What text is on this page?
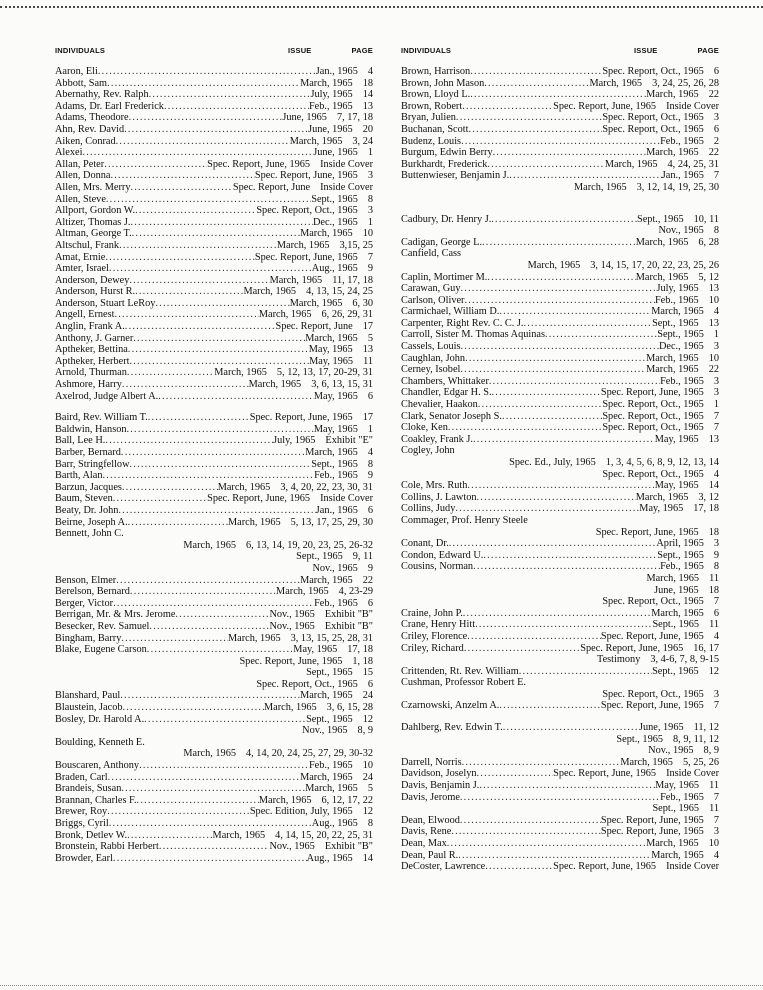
INDIVIDUALS	ISSUE	PAGE
Aaron, Eli .....	Jan., 1965 4
Abbott, Sam .....	March, 1965 18
Abernathy, Rev. Ralph .....	July, 1965 14
Adams, Dr. Earl Frederick .....	Feb., 1965 13
Adams, Theodore .....	June, 1965 7, 17, 18
Ahn, Rev. David .....	June, 1965 20
Aiken, Conrad .....	March, 1965 3, 24
Alexei .....	June, 1965 1
Allan, Peter .....	Spec. Report, June, 1965 Inside Cover
Allen, Donna .....	Spec. Report, June, 1965 3
Allen, Mrs. Merry .....	Spec. Report, June Inside Cover
Allen, Steve .....	Sept., 1965 8
Allport, Gordon W. .....	Spec. Report, Oct., 1965 3
Altizer, Thomas J. .....	Dec., 1965 1
Altman, George T. .....	March, 1965 10
Altschul, Frank .....	March, 1965 3,15, 25
Amat, Ernie .....	Spec. Report, June, 1965 7
Amter, Israel .....	Aug., 1965 9
Anderson, Dewey .....	March, 1965 11, 17, 18
Anderson, Hurst R. .....	March, 1965 4, 13, 15, 24, 25
Anderson, Stuart LeRoy .....	March, 1965 6, 30
Angell, Ernest .....	March, 1965 6, 26, 29, 31
Anglin, Frank A. .....	Spec. Report, June 17
Anthony, J. Garner .....	March, 1965 5
Aptheker, Bettina .....	May, 1965 13
Aptheker, Herbert .....	May, 1965 11
Arnold, Thurman .....	March, 1965 5, 12, 13, 17, 20-29, 31
Ashmore, Harry .....	March, 1965 3, 6, 13, 15, 31
Axelrod, Judge Albert A. .....	May, 1965 6
Baird, Rev. William T. .....	Spec. Report, June, 1965 17
Baldwin, Hanson .....	May, 1965 1
Ball, Lee H. .....	July, 1965 Exhibit "E"
Barber, Bernard .....	March, 1965 4
Barr, Stringfellow .....	Sept., 1965 8
Barth, Alan .....	Feb., 1965 9
Barzun, Jacques .....	March, 1965 3, 4, 20, 22, 23, 30, 31
Baum, Steven .....	Spec. Report, June, 1965 Inside Cover
Beaty, Dr. John .....	Jan., 1965 6
Beirne, Joseph A. .....	March, 1965 5, 13, 17, 25, 29, 30
Bennett, John C.
March, 1965 6, 13, 14, 19, 20, 23, 25, 26-32
Sept., 1965 9, 11
Nov., 1965 9
Benson, Elmer .....	March, 1965 22
Berelson, Bernard .....	March, 1965 4, 23-29
Berger, Victor .....	Feb., 1965 6
Berrigan, Mr. & Mrs. Jerome .....	Nov., 1965 Exhibit "B"
Besecker, Rev. Samuel .....	Nov., 1965 Exhibit "B"
Bingham, Barry .....	March, 1965 3, 13, 15, 25, 28, 31
Blake, Eugene Carson .....	May, 1965 17, 18
Spec. Report, June, 1965 1, 18
Sept., 1965 15
Spec. Report, Oct., 1965 6
Blanshard, Paul .....	March, 1965 24
Blaustein, Jacob .....	March, 1965 3, 6, 15, 28
Bosley, Dr. Harold A. .....	Sept., 1965 12
Nov., 1965 8, 9
Boulding, Kenneth E.
March, 1965 4, 14, 20, 24, 25, 27, 29, 30-32
Bouscaren, Anthony .....	Feb., 1965 10
Braden, Carl .....	March, 1965 24
Brandeis, Susan .....	March, 1965 5
Brannan, Charles F. .....	March, 1965 6, 12, 17, 22
Brewer, Roy .....	Spec. Edition, July, 1965 12
Briggs, Cyril .....	Aug., 1965 8
Bronk, Detlev W. .....	March, 1965 4, 14, 15, 20, 22, 25, 31
Bronstein, Rabbi Herbert .....	Nov., 1965 Exhibit "B"
Browder, Earl .....	Aug., 1965 14
INDIVIDUALS	ISSUE	PAGE
Brown, Harrison .....	Spec. Report, Oct., 1965 6
Brown, John Mason .....	March, 1965 3, 24, 25, 26, 28
Brown, Lloyd L. .....	March, 1965 22
Brown, Robert .....	Spec. Report, June, 1965 Inside Cover
Bryan, Julien .....	Spec. Report, Oct., 1965 3
Buchanan, Scott .....	Spec. Report, Oct., 1965 6
Budenz, Louis .....	Feb., 1965 2
Burgum, Edwin Berry .....	March, 1965 22
Burkhardt, Frederick .....	March, 1965 4, 24, 25, 31
Buttenwieser, Benjamin J. .....	Jan., 1965 7
March, 1965 3, 12, 14, 19, 25, 30
Cadbury, Dr. Henry J. .....	Sept., 1965 10, 11
Nov., 1965 8
Cadigan, George L. .....	March, 1965 6, 28
Canfield, Cass
March, 1965 3, 14, 15, 17, 20, 22, 23, 25, 26
Caplin, Mortimer M. .....	March, 1965 5, 12
Carawan, Guy .....	July, 1965 13
Carlson, Oliver .....	Feb., 1965 10
Carmichael, William D. .....	March, 1965 4
Carpenter, Right Rev. C. C. J. .....	Sept., 1965 13
Carroll, Sister M. Thomas Aquinas .....	Sept., 1965 1
Cassels, Louis .....	Dec., 1965 3
Caughlan, John .....	March, 1965 10
Cerney, Isobel .....	March, 1965 22
Chambers, Whittaker .....	Feb., 1965 3
Chandler, Edgar H. S. .....	Spec. Report, June, 1965 3
Chevalier, Haakon .....	Spec. Report, Oct., 1965 1
Clark, Senator Joseph S. .....	Spec. Report, Oct., 1965 7
Cloke, Ken .....	Spec. Report, Oct., 1965 7
Coakley, Frank J. .....	May, 1965 13
Cogley, John
Spec. Ed., July, 1965 1, 3, 4, 5, 6, 8, 9, 12, 13, 14
Spec. Report, Oct., 1965 4
Cole, Mrs. Ruth .....	May, 1965 14
Collins, J. Lawton .....	March, 1965 3, 12
Collins, Judy .....	May, 1965 17, 18
Commager, Prof. Henry Steele
Spec. Report, June, 1965 18
Conant, Dr. .....	April, 1965 3
Condon, Edward U. .....	Sept., 1965 9
Cousins, Norman .....	Feb., 1965 8
March, 1965 11
June, 1965 18
Spec. Report, Oct., 1965 7
Craine, John P. .....	March, 1965 6
Crane, Henry Hitt .....	Sept., 1965 11
Criley, Florence .....	Spec. Report, June, 1965 4
Criley, Richard .....	Spec. Report, June, 1965 16, 17
Testimony 3, 4-6, 7, 8, 9-15
Crittenden, Rt. Rev. William .....	Sept., 1965 12
Cushman, Professor Robert E.
Spec. Report, Oct., 1965 3
Czarnowski, Anzelm A. .....	Spec. Report, June, 1965 7
Dahlberg, Rev. Edwin T. .....	June, 1965 11, 12
Sept., 1965 8, 9, 11, 12
Nov., 1965 8, 9
Darrell, Norris .....	March, 1965 5, 25, 26
Davidson, Joselyn .....	Spec. Report, June, 1965 Inside Cover
Davis, Benjamin J. .....	May, 1965 11
Davis, Jerome .....	Feb., 1965 7
Sept., 1965 11
Dean, Elwood .....	Spec. Report, June, 1965 7
Davis, Rene .....	Spec. Report, June, 1965 3
Dean, Max .....	March, 1965 10
Dean, Paul R. .....	March, 1965 4
DeCoster, Lawrence .....	Spec. Report, June, 1965 Inside Cover
